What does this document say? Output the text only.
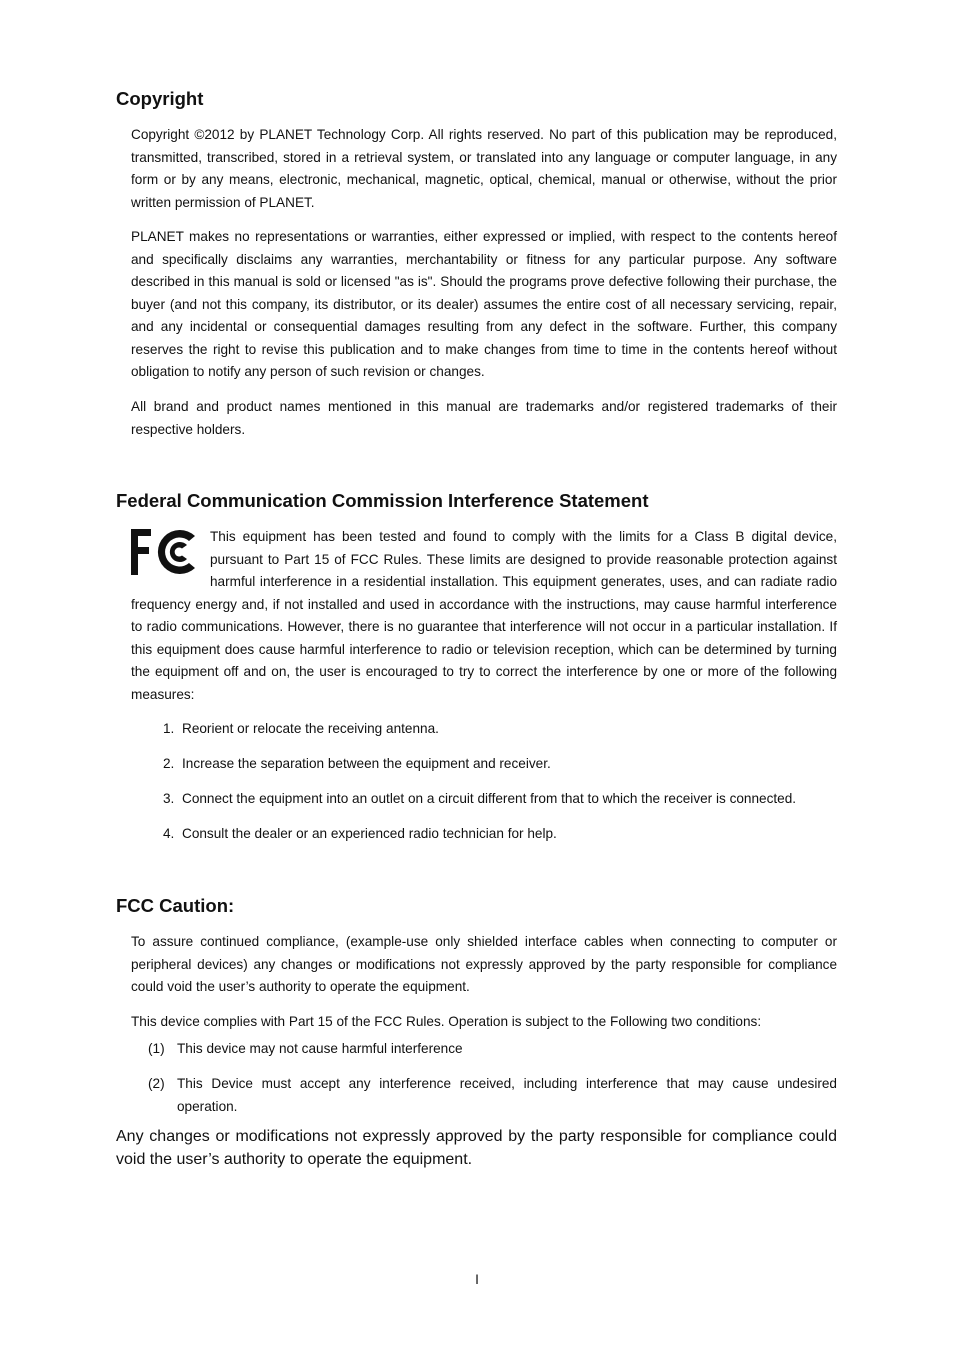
Copyright

Copyright ©2012 by PLANET Technology Corp. All rights reserved. No part of this publication may be reproduced, transmitted, transcribed, stored in a retrieval system, or translated into any language or computer language, in any form or by any means, electronic, mechanical, magnetic, optical, chemical, manual or otherwise, without the prior written permission of PLANET.

PLANET makes no representations or warranties, either expressed or implied, with respect to the contents hereof and specifically disclaims any warranties, merchantability or fitness for any particular purpose. Any software described in this manual is sold or licensed "as is". Should the programs prove defective following their purchase, the buyer (and not this company, its distributor, or its dealer) assumes the entire cost of all necessary servicing, repair, and any incidental or consequential damages resulting from any defect in the software. Further, this company reserves the right to revise this publication and to make changes from time to time in the contents hereof without obligation to notify any person of such revision or changes.

All brand and product names mentioned in this manual are trademarks and/or registered trademarks of their respective holders.

Federal Communication Commission Interference Statement

This equipment has been tested and found to comply with the limits for a Class B digital device, pursuant to Part 15 of FCC Rules. These limits are designed to provide reasonable protection against harmful interference in a residential installation. This equipment generates, uses, and can radiate radio frequency energy and, if not installed and used in accordance with the instructions, may cause harmful interference to radio communications. However, there is no guarantee that interference will not occur in a particular installation. If this equipment does cause harmful interference to radio or television reception, which can be determined by turning the equipment off and on, the user is encouraged to try to correct the interference by one or more of the following measures:

1. Reorient or relocate the receiving antenna.
2. Increase the separation between the equipment and receiver.
3. Connect the equipment into an outlet on a circuit different from that to which the receiver is connected.
4. Consult the dealer or an experienced radio technician for help.
FCC Caution:

To assure continued compliance, (example-use only shielded interface cables when connecting to computer or peripheral devices) any changes or modifications not expressly approved by the party responsible for compliance could void the user’s authority to operate the equipment.

This device complies with Part 15 of the FCC Rules. Operation is subject to the Following two conditions:

(1) This device may not cause harmful interference

(2) This Device must accept any interference received, including interference that may cause undesired operation.

Any changes or modifications not expressly approved by the party responsible for compliance could void the user’s authority to operate the equipment.

I
